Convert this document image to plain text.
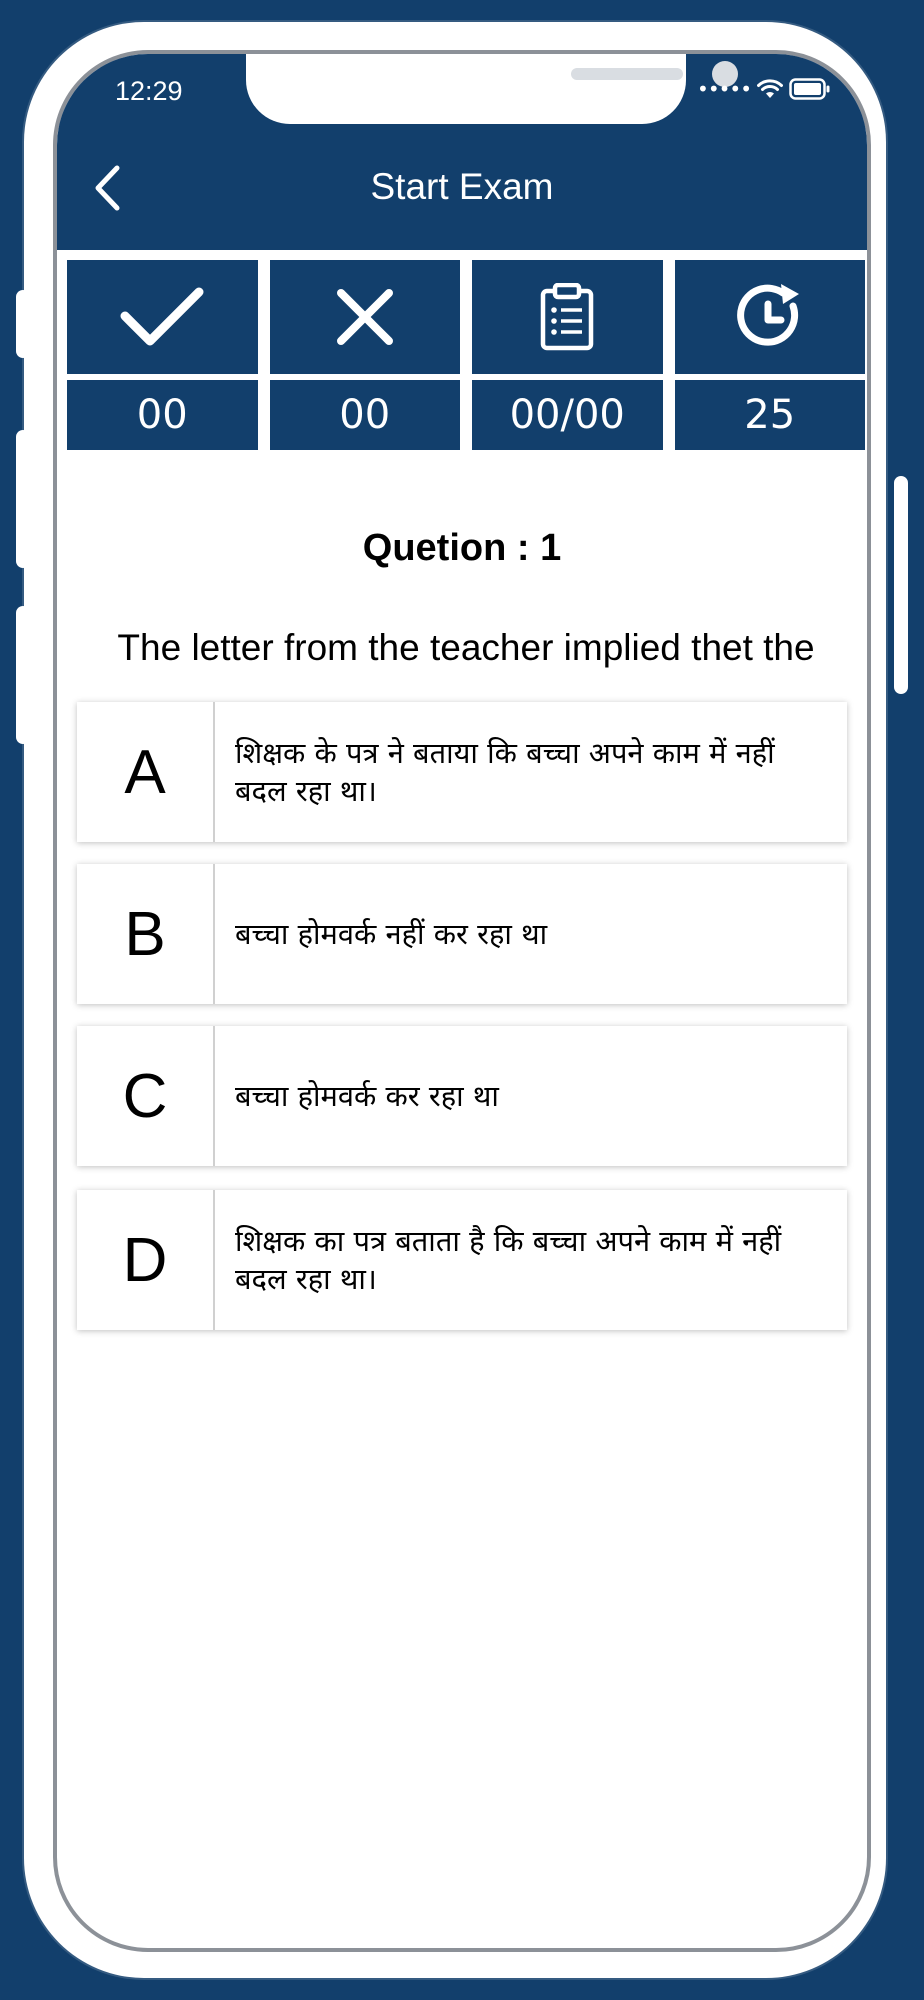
12:29	•••••
Start Exam
00	00	00/00	25
Quetion : 1
The letter from the teacher implied thet the
A	शिक्षक के पत्र ने बताया कि बच्चा अपने काम में नहीं बदल रहा था।
B	बच्चा होमवर्क नहीं कर रहा था
C	बच्चा होमवर्क कर रहा था
D	शिक्षक का पत्र बताता है कि बच्चा अपने काम में नहीं बदल रहा था।
